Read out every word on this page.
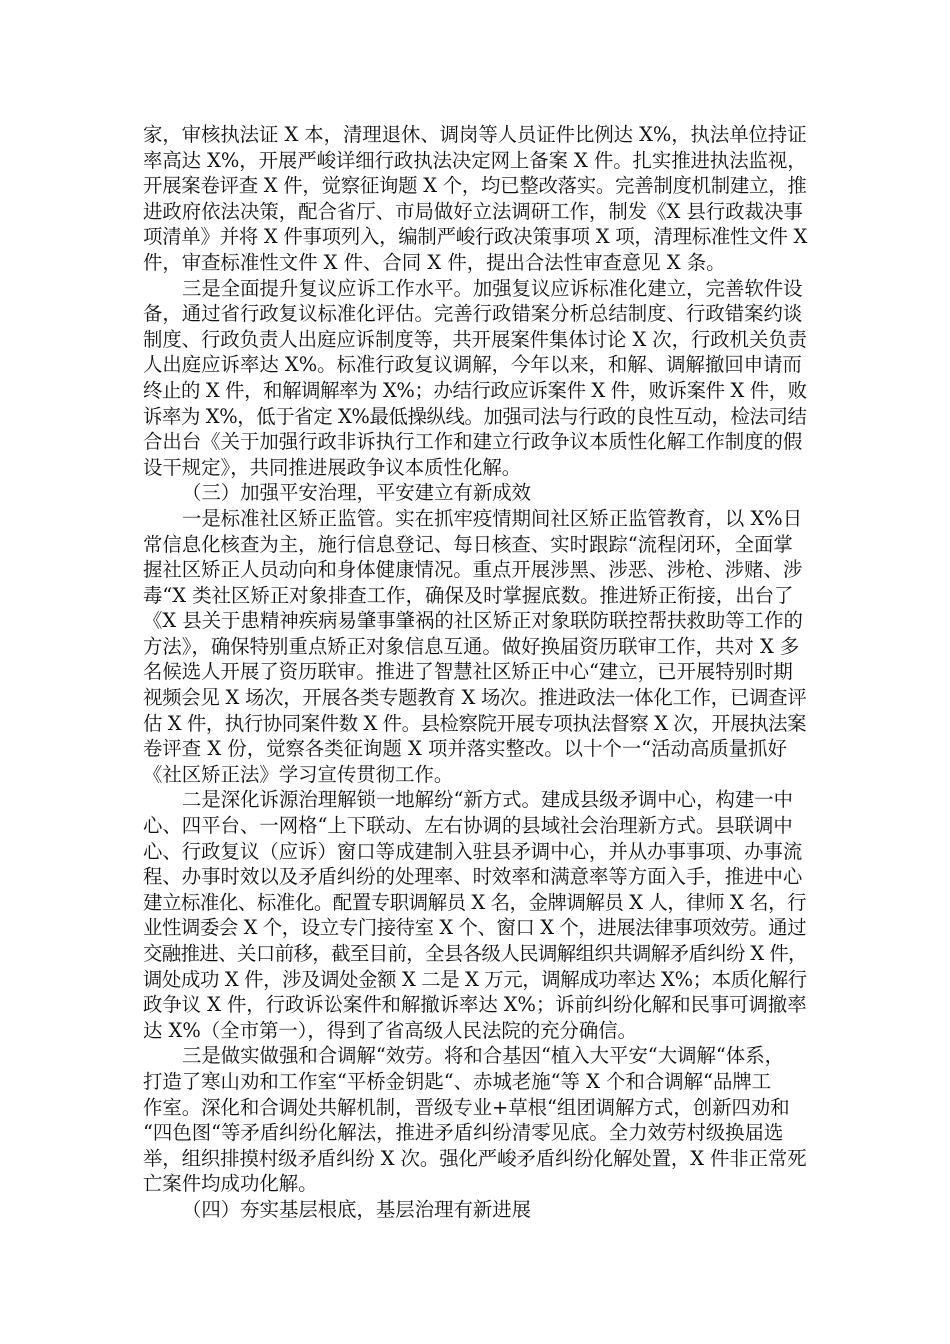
家，审核执法证 X 本，清理退休、调岗等人员证件比例达 X%，执法单位持证
率高达 X%，开展严峻详细行政执法决定网上备案 X 件。扎实推进执法监视，
开展案卷评查 X 件，觉察征询题 X 个，均已整改落实。完善制度机制建立，推
进政府依法决策，配合省厅、市局做好立法调研工作，制发《X 县行政裁决事
项清单》并将 X 件事项列入，编制严峻行政决策事项 X 项，清理标准性文件 X
件，审查标准性文件 X 件、合同 X 件，提出合法性审查意见 X 条。
三是全面提升复议应诉工作水平。加强复议应诉标准化建立，完善软件设
备，通过省行政复议标准化评估。完善行政错案分析总结制度、行政错案约谈
制度、行政负责人出庭应诉制度等，共开展案件集体讨论 X 次，行政机关负责
人出庭应诉率达 X%。标准行政复议调解，今年以来，和解、调解撤回申请而
终止的 X 件，和解调解率为 X%；办结行政应诉案件 X 件，败诉案件 X 件，败
诉率为 X%，低于省定 X%最低操纵线。加强司法与行政的良性互动，检法司结
合出台《关于加强行政非诉执行工作和建立行政争议本质性化解工作制度的假
设干规定》，共同推进展政争议本质性化解。
（三）加强平安治理，平安建立有新成效
一是标准社区矫正监管。实在抓牢疫情期间社区矫正监管教育，以 X%日
常信息化核查为主，施行信息登记、每日核查、实时跟踪“流程闭环，全面掌
握社区矫正人员动向和身体健康情况。重点开展涉黑、涉恶、涉枪、涉赌、涉
毒“X 类社区矫正对象排查工作，确保及时掌握底数。推进矫正衔接，出台了
《X 县关于患精神疾病易肇事肇祸的社区矫正对象联防联控帮扶救助等工作的
方法》，确保特别重点矫正对象信息互通。做好换届资历联审工作，共对 X 多
名候选人开展了资历联审。推进了智慧社区矫正中心“建立，已开展特别时期
视频会见 X 场次，开展各类专题教育 X 场次。推进政法一体化工作，已调查评
估 X 件，执行协同案件数 X 件。县检察院开展专项执法督察 X 次，开展执法案
卷评查 X 份，觉察各类征询题 X 项并落实整改。以十个一“活动高质量抓好
《社区矫正法》学习宣传贯彻工作。
二是深化诉源治理解锁一地解纷“新方式。建成县级矛调中心，构建一中
心、四平台、一网格“上下联动、左右协调的县域社会治理新方式。县联调中
心、行政复议（应诉）窗口等成建制入驻县矛调中心，并从办事事项、办事流
程、办事时效以及矛盾纠纷的处理率、时效率和满意率等方面入手，推进中心
建立标准化、标准化。配置专职调解员 X 名，金牌调解员 X 人，律师 X 名，行
业性调委会 X 个，设立专门接待室 X 个、窗口 X 个，进展法律事项效劳。通过
交融推进、关口前移，截至目前，全县各级人民调解组织共调解矛盾纠纷 X 件，
调处成功 X 件，涉及调处金额 X 二是 X 万元，调解成功率达 X%；本质化解行
政争议 X 件，行政诉讼案件和解撤诉率达 X%；诉前纠纷化解和民事可调撤率
达 X%（全市第一），得到了省高级人民法院的充分确信。
三是做实做强和合调解“效劳。将和合基因“植入大平安“大调解“体系，
打造了寒山劝和工作室“平桥金钥匙“、赤城老施“等 X 个和合调解“品牌工
作室。深化和合调处共解机制，晋级专业+草根“组团调解方式，创新四劝和
“四色图“等矛盾纠纷化解法，推进矛盾纠纷清零见底。全力效劳村级换届选
举，组织排摸村级矛盾纠纷 X 次。强化严峻矛盾纠纷化解处置，X 件非正常死
亡案件均成功化解。
（四）夯实基层根底，基层治理有新进展
